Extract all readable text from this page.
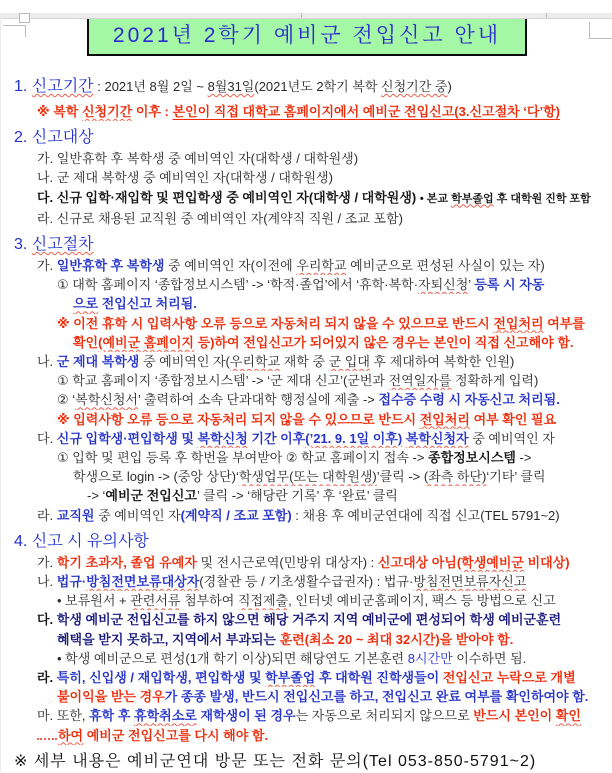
2021년 2학기 예비군 전입신고 안내
1. 신고기간 : 2021년 8월 2일 ~ 8월31일(2021년도 2학기 복학 신청기간 중)
※ 복학 신청기간 이후 : 본인이 직접 대학교 홈페이지에서 예비군 전입신고(3.신고절차 ‘다’항)
2. 신고대상
가. 일반휴학 후 복학생 중 예비역인 자(대학생 / 대학원생)
나. 군 제대 복학생 중 예비역인 자(대학생 / 대학원생)
다. 신규 입학·재입학 및 편입학생 중 예비역인 자(대학생 / 대학원생) • 본교 학부졸업 후 대학원 진학 포함
라. 신규로 채용된 교직원 중 예비역인 자(계약직 직원 / 조교 포함)
3. 신고절차
가. 일반휴학 후 복학생 중 예비역인 자(이전에 우리학교 예비군으로 편성된 사실이 있는 자)
① 대학 홈페이지 ‘종합정보시스템’ -> ‘학적·졸업’에서 ‘휴학·복학·자퇴신청’ 등록 시 자동
으로 전입신고 처리됨.
※ 이전 휴학 시 입력사항 오류 등으로 자동처리 되지 않을 수 있으므로 반드시 전입처리 여부를
확인(예비군 홈페이지 등)하여 전입신고가 되어있지 않은 경우는 본인이 직접 신고해야 함.
나. 군 제대 복학생 중 예비역인 자(우리학교 재학 중 군 입대 후 제대하여 복학한 인원)
① 학교 홈페이지 ‘종합정보시스템’ -> ‘군 제대 신고’(군번과 전역일자를 정확하게 입력)
② ‘복학신청서’ 출력하여 소속 단과대학 행정실에 제출 -> 접수증 수령 시 자동신고 처리됨.
※ 입력사항 오류 등으로 자동처리 되지 않을 수 있으므로 반드시 전입처리 여부 확인 필요
다. 신규 입학생·편입학생 및 복학신청 기간 이후(’21. 9. 1일 이후) 복학신청자 중 예비역인 자
① 입학 및 편입 등록 후 학번을 부여받아 ② 학교 홈페이지 접속 -> 종합정보시스템 ->
학생으로 login -> (중앙 상단)‘학생업무(또는 대학원생)’클릭 -> (좌측 하단)‘기타’ 클릭
-> ‘예비군 전입신고’ 클릭 -> ‘해당란 기록’ 후 ‘완료’ 클릭
라. 교직원 중 예비역인 자(계약직 / 조교 포함) : 채용 후 예비군연대에 직접 신고(TEL 5791~2)
4. 신고 시 유의사항
가. 학기 초과자, 졸업 유예자 및 전시근로역(민방위 대상자) : 신고대상 아님(학생예비군 비대상)
나. 법규·방침전면보류대상자(경찰관 등 / 기초생활수급권자) : 법규·방침전면보류자신고
• 보류원서 + 관련서류 첨부하여 직접제출, 인터넷 예비군홈페이지, 팩스 등 방법으로 신고
다. 학생 예비군 전입신고를 하지 않으면 해당 거주지 지역 예비군에 편성되어 학생 예비군훈련
혜택을 받지 못하고, 지역에서 부과되는 훈련(최소 20 ~ 최대 32시간)을 받아야 함.
• 학생 예비군으로 편성(1개 학기 이상)되면 해당연도 기본훈련 8시간만 이수하면 됨.
라. 특히, 신입생 / 재입학생, 편입학생 및 학부졸업 후 대학원 진학생들이 전입신고 누락으로 개별
불이익을 받는 경우가 종종 발생, 반드시 전입신고를 하고, 전입신고 완료 여부를 확인하여야 함.
마. 또한, 휴학 후 휴학취소로 재학생이 된 경우는 자동으로 처리되지 않으므로 반드시 본인이 확인
하여 예비군 전입신고를 다시 해야 함.
※ 세부 내용은 예비군연대 방문 또는 전화 문의(Tel 053-850-5791~2)
